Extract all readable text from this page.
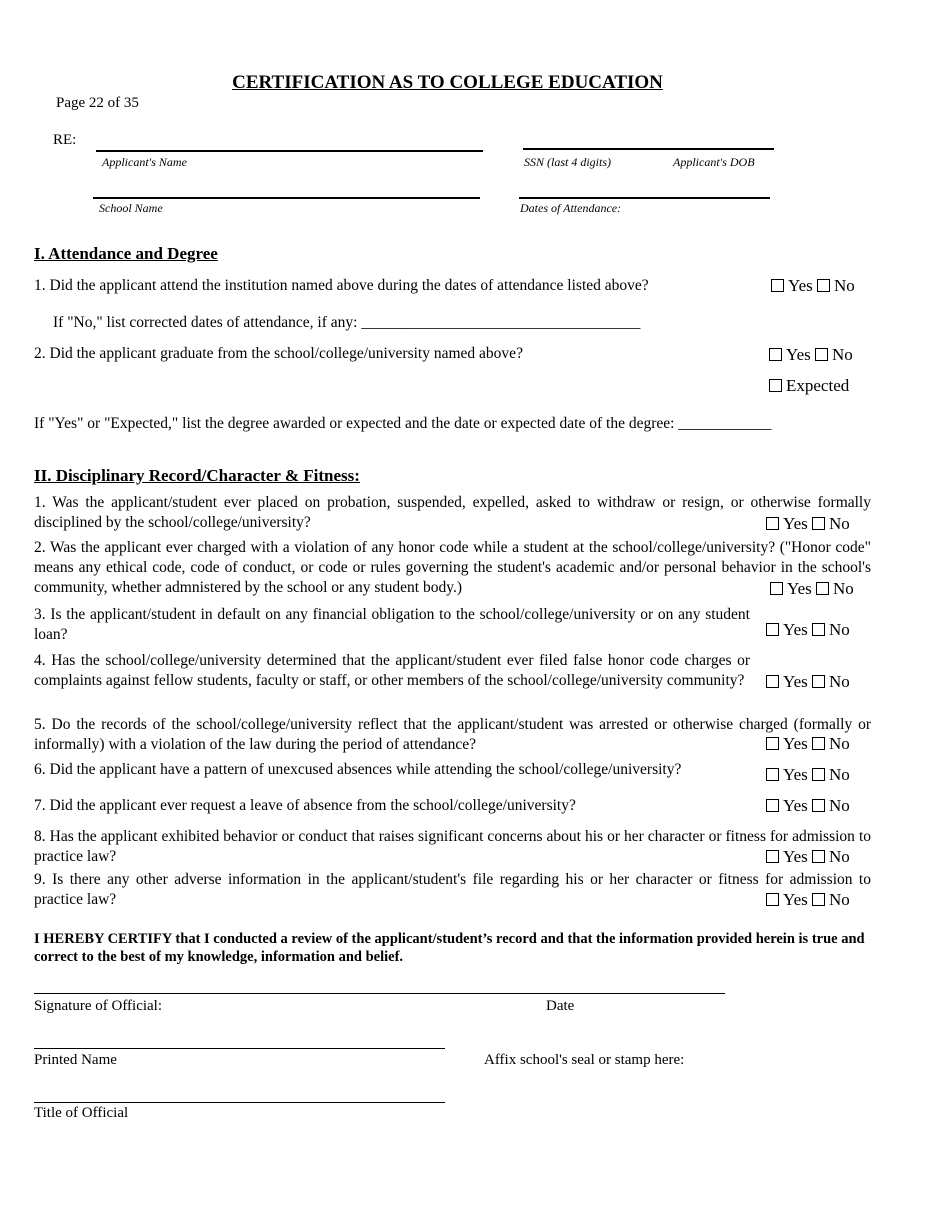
CERTIFICATION AS TO COLLEGE EDUCATION
Page 22 of 35
RE:
Applicant's Name	SSN (last 4 digits)	Applicant's DOB
School Name	Dates of Attendance:
I. Attendance and Degree
1. Did the applicant attend the institution named above during the dates of attendance listed above?	Yes No
If "No," list corrected dates of attendance, if any: ____________________________________
2. Did the applicant graduate from the school/college/university named above?	Yes No
Expected
If "Yes" or "Expected," list the degree awarded or expected and the date or expected date of the degree: ____________
II. Disciplinary Record/Character & Fitness:
1. Was the applicant/student ever placed on probation, suspended, expelled, asked to withdraw or resign, or otherwise formally disciplined by the school/college/university?	Yes No
2. Was the applicant ever charged with a violation of any honor code while a student at the school/college/university? ("Honor code" means any ethical code, code of conduct, or code or rules governing the student's academic and/or personal behavior in the school's community, whether admnistered by the school or any student body.)	Yes No
3. Is the applicant/student in default on any financial obligation to the school/college/university or on any student loan?	Yes No
4. Has the school/college/university determined that the applicant/student ever filed false honor code charges or complaints against fellow students, faculty or staff, or other members of the school/college/university community?	Yes No
5. Do the records of the school/college/university reflect that the applicant/student was arrested or otherwise charged (formally or informally) with a violation of the law during the period of attendance?	Yes No
6. Did the applicant have a pattern of unexcused absences while attending the school/college/university?	Yes No
7. Did the applicant ever request a leave of absence from the school/college/university?	Yes No
8. Has the applicant exhibited behavior or conduct that raises significant concerns about his or her character or fitness for admission to practice law?	Yes No
9. Is there any other adverse information in the applicant/student's file regarding his or her character or fitness for admission to practice law?	Yes No
I HEREBY CERTIFY that I conducted a review of the applicant/student’s record and that the information provided herein is true and correct to the best of my knowledge, information and belief.
Signature of Official:	Date
Printed Name	Affix school's seal or stamp here:
Title of Official
